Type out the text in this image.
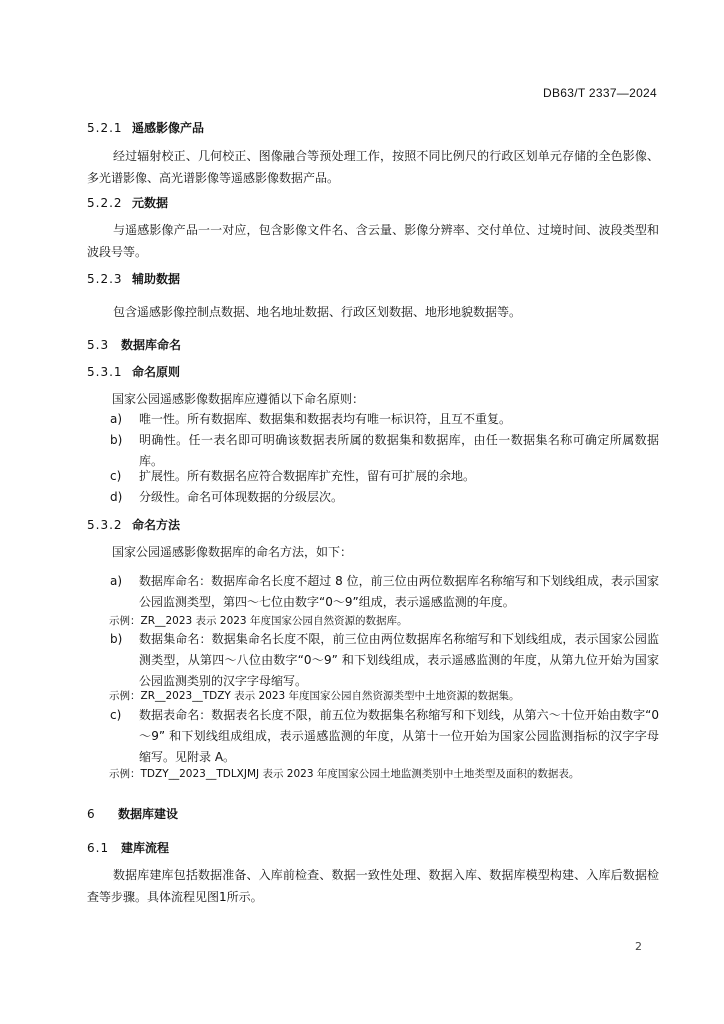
DB63/T 2337—2024
5.2.1 遥感影像产品

经过辐射校正、几何校正、图像融合等预处理工作，按照不同比例尺的行政区划单元存储的全色影像、多光谱影像、高光谱影像等遥感影像数据产品。

5.2.2 元数据

与遥感影像产品一一对应，包含影像文件名、含云量、影像分辨率、交付单位、过境时间、波段类型和波段号等。

5.2.3 辅助数据

包含遥感影像控制点数据、地名地址数据、行政区划数据、地形地貌数据等。

5.3 数据库命名
5.3.1 命名原则

国家公园遥感影像数据库应遵循以下命名原则：

a)	唯一性。所有数据库、数据集和数据表均有唯一标识符，且互不重复。
b)	明确性。任一表名即可明确该数据表所属的数据集和数据库，由任一数据集名称可确定所属数据库。
c)	扩展性。所有数据名应符合数据库扩充性，留有可扩展的余地。
d)	分级性。命名可体现数据的分级层次。
5.3.2 命名方法

国家公园遥感影像数据库的命名方法，如下：

a)	数据库命名：数据库命名长度不超过 8 位，前三位由两位数据库名称缩写和下划线组成，表示国家公园监测类型，第四～七位由数字“0～9”组成，表示遥感监测的年度。
示例：ZR__2023 表示 2023 年度国家公园自然资源的数据库。
b)	数据集命名：数据集命名长度不限，前三位由两位数据库名称缩写和下划线组成，表示国家公园监测类型，从第四～八位由数字“0～9” 和下划线组成，表示遥感监测的年度，从第九位开始为国家公园监测类别的汉字字母缩写。
示例：ZR__2023__TDZY 表示 2023 年度国家公园自然资源类型中土地资源的数据集。
c)	数据表命名：数据表名长度不限，前五位为数据集名称缩写和下划线，从第六～十位开始由数字“0～9” 和下划线组成组成，表示遥感监测的年度，从第十一位开始为国家公园监测指标的汉字字母缩写。见附录 A。
示例：TDZY__2023__TDLXJMJ 表示 2023 年度国家公园土地监测类别中土地类型及面积的数据表。
6 数据库建设
6.1 建库流程

数据库建库包括数据准备、入库前检查、数据一致性处理、数据入库、数据库模型构建、入库后数据检查等步骤。具体流程见图1所示。

2
